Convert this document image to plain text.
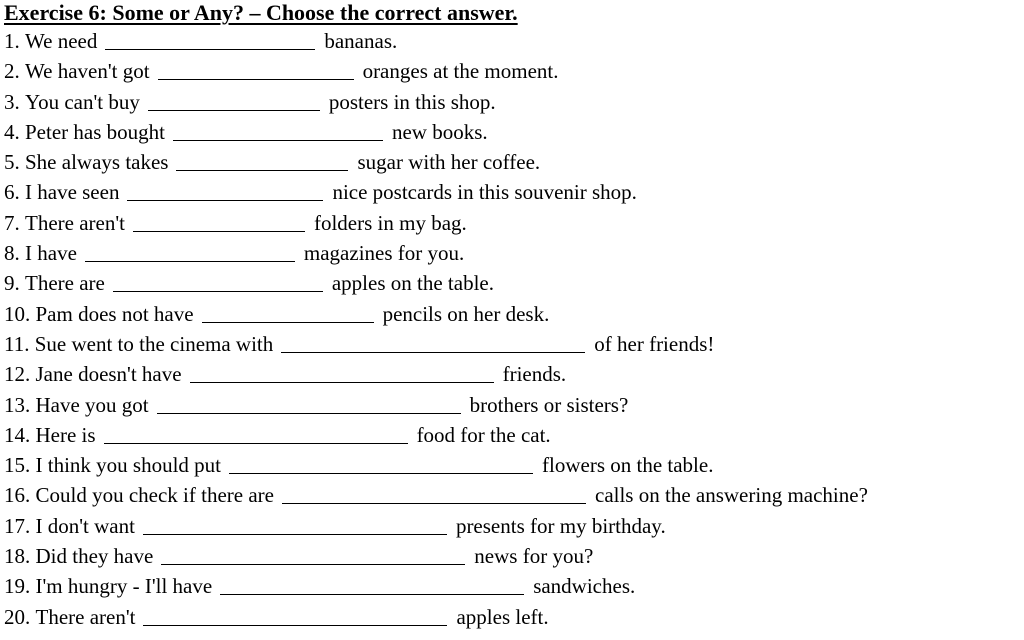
Exercise 6: Some or Any? – Choose the correct answer.
1.
We need	bananas.
2.
We haven't got	oranges at the moment.
3.
You can't buy	posters in this shop.
4.
Peter has bought	new books.
5.
She always takes	sugar with her coffee.
6.
I have seen	nice postcards in this souvenir shop.
7.
There aren't	folders in my bag.
8.
I have	magazines for you.
9.
There are	apples on the table.
10.
Pam does not have	pencils on her desk.
11.
Sue went to the cinema with	of her friends!
12.
Jane doesn't have	friends.
13.
Have you got	brothers or sisters?
14.
Here is	food for the cat.
15.
I think you should put	flowers on the table.
16.
Could you check if there are	calls on the answering machine?
17.
I don't want	presents for my birthday.
18.
Did they have	news for you?
19.
I'm hungry - I'll have	sandwiches.
20.
There aren't	apples left.
